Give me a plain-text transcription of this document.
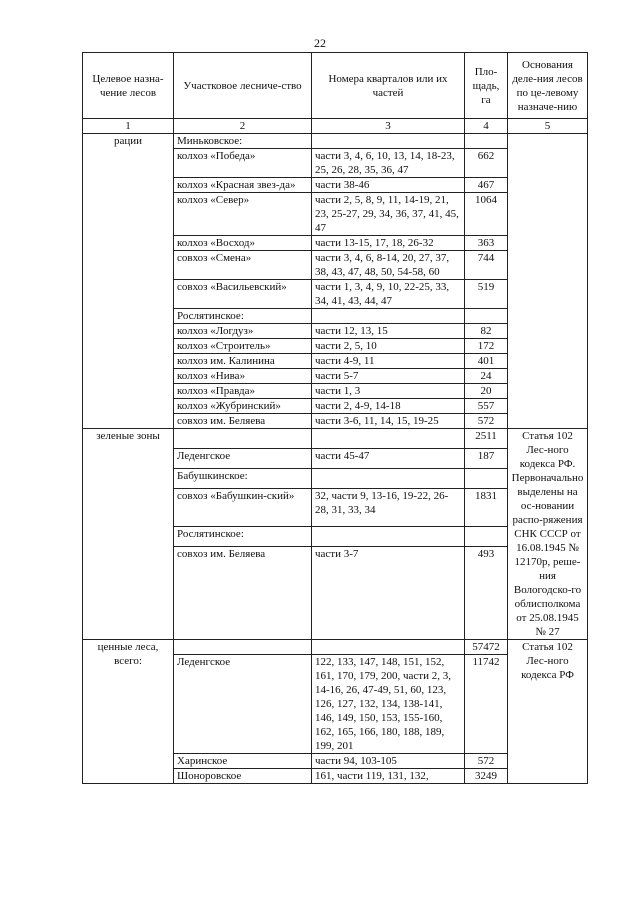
22
Целевое назна-чение лесов	Участковое лесниче-ство	Номера кварталов или их частей	Пло-щадь, га	Основания деле-ния лесов по це-левому назначе-нию
1	2	3	4	5
рации	Миньковское:			
	колхоз «Победа»	части 3, 4, 6, 10, 13, 14, 18-23, 25, 26, 28, 35, 36, 47	662	
	колхоз «Красная звез-да»	части 38-46	467	
	колхоз «Север»	части 2, 5, 8, 9, 11, 14-19, 21, 23, 25-27, 29, 34, 36, 37, 41, 45, 47	1064	
	колхоз «Восход»	части 13-15, 17, 18, 26-32	363	
	совхоз «Смена»	части 3, 4, 6, 8-14, 20, 27, 37, 38, 43, 47, 48, 50, 54-58, 60	744	
	совхоз «Васильевский»	части 1, 3, 4, 9, 10, 22-25, 33, 34, 41, 43, 44, 47	519	
	Рослятинское:			
	колхоз «Логдуз»	части 12, 13, 15	82	
	колхоз «Строитель»	части 2, 5, 10	172	
	колхоз им. Калинина	части 4-9, 11	401	
	колхоз «Нива»	части 5-7	24	
	колхоз «Правда»	части 1, 3	20	
	колхоз «Жубринский»	части 2, 4-9, 14-18	557	
	совхоз им. Беляева	части 3-6, 11, 14, 15, 19-25	572	
зеленые зоны			2511	Статья 102 Лес-ного кодекса РФ. Первоначально выделены на ос-новании распо-ряжения СНК СССР от 16.08.1945 № 12170р, реше-ния Вологодско-го облисполкома от 25.08.1945 № 27
	Леденгское	части 45-47	187	
	Бабушкинское:			
	совхоз «Бабушкин-ский»	32, части 9, 13-16, 19-22, 26-28, 31, 33, 34	1831	
	Рослятинское:			
	совхоз им. Беляева	части 3-7	493	
ценные леса, всего:			57472	Статья 102 Лес-ного кодекса РФ
	Леденгское	122, 133, 147, 148, 151, 152, 161, 170, 179, 200, части 2, 3, 14-16, 26, 47-49, 51, 60, 123, 126, 127, 132, 134, 138-141, 146, 149, 150, 153, 155-160, 162, 165, 166, 180, 188, 189, 199, 201	11742	
	Харинское	части 94, 103-105	572	
	Шоноровское	161, части 119, 131, 132,	3249	
